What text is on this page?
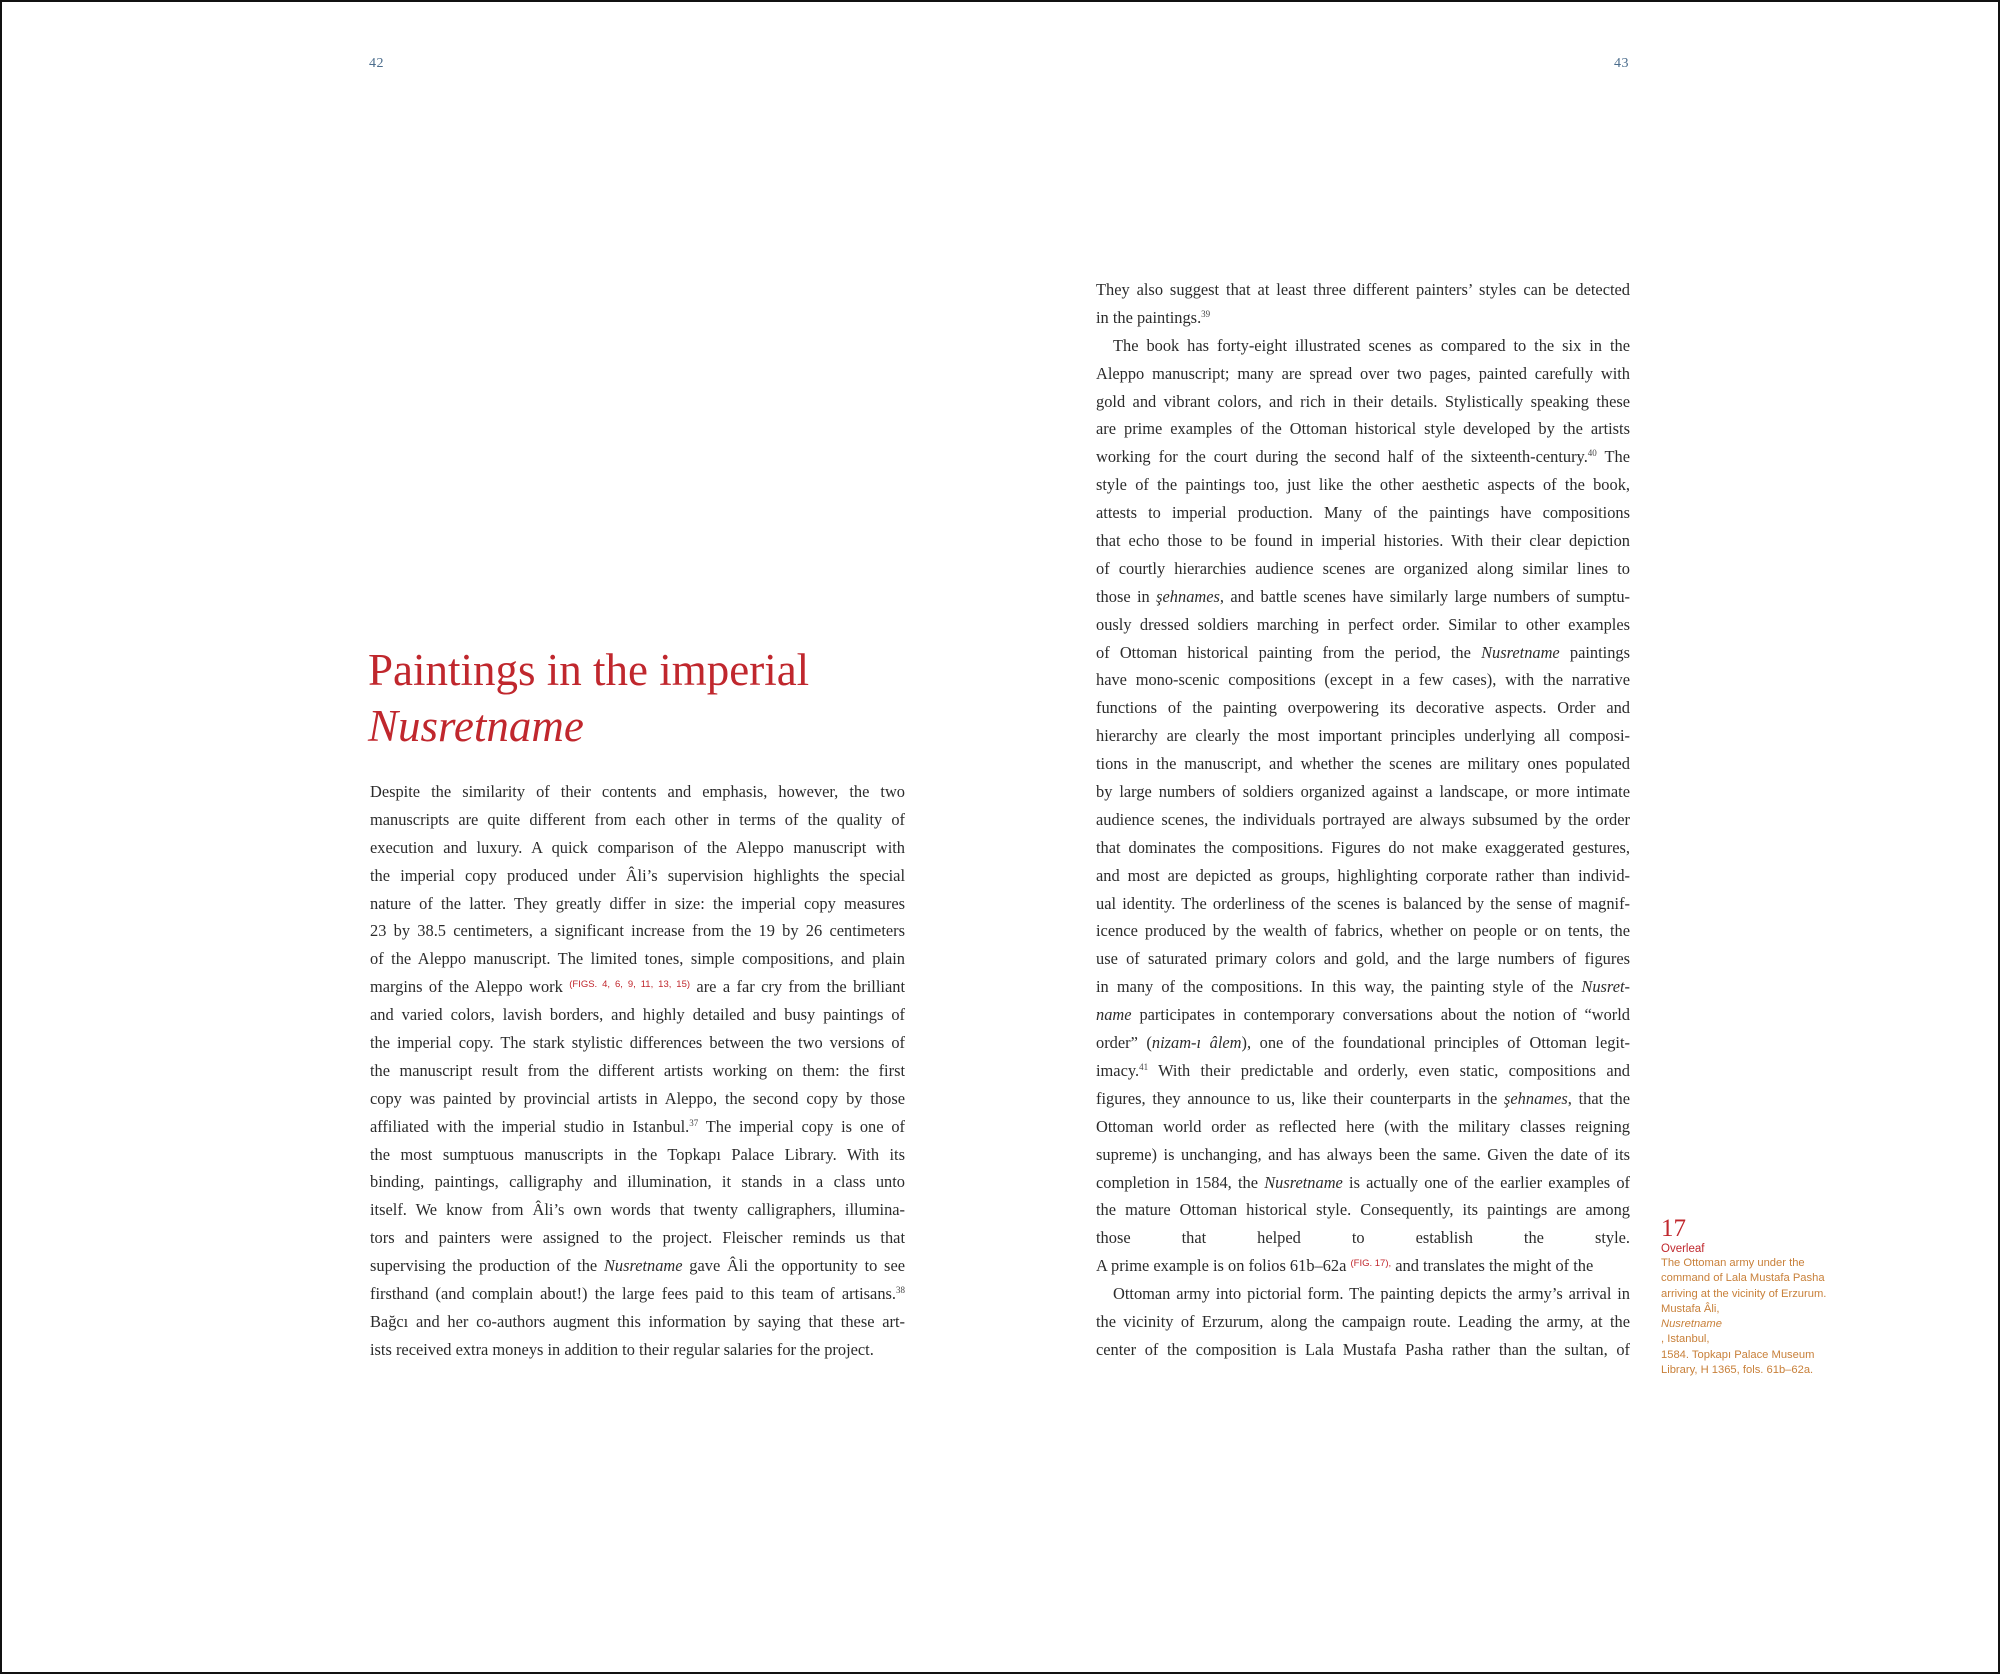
42	43
Paintings in the imperial
Nusretname
Despite the similarity of their contents and emphasis, however, the two
manuscripts are quite different from each other in terms of the quality of
execution and luxury. A quick comparison of the Aleppo manuscript with
the imperial copy produced under Âli’s supervision highlights the special
nature of the latter. They greatly differ in size: the imperial copy measures
23 by 38.5 centimeters, a significant increase from the 19 by 26 centimeters
of the Aleppo manuscript. The limited tones, simple compositions, and plain
margins of the Aleppo work $^{(FIGS. 4, 6, 9, 11, 13, 15)}$ are a far cry from the brilliant
and varied colors, lavish borders, and highly detailed and busy paintings of
the imperial copy. The stark stylistic differences between the two versions of
the manuscript result from the different artists working on them: the first
copy was painted by provincial artists in Aleppo, the second copy by those
affiliated with the imperial studio in Istanbul.$^{37}$ The imperial copy is one of
the most sumptuous manuscripts in the Topkapı Palace Library. With its
binding, paintings, calligraphy and illumination, it stands in a class unto
itself. We know from Âli’s own words that twenty calligraphers, illumina-
tors and painters were assigned to the project. Fleischer reminds us that
supervising the production of the Nusretname gave Âli the opportunity to see
firsthand (and complain about!) the large fees paid to this team of artisans.$^{38}$
Bağcı and her co-authors augment this information by saying that these art-
ists received extra moneys in addition to their regular salaries for the project.
They also suggest that at least three different painters’ styles can be detected
in the paintings.$^{39}$
The book has forty-eight illustrated scenes as compared to the six in the
Aleppo manuscript; many are spread over two pages, painted carefully with
gold and vibrant colors, and rich in their details. Stylistically speaking these
are prime examples of the Ottoman historical style developed by the artists
working for the court during the second half of the sixteenth-century.$^{40}$ The
style of the paintings too, just like the other aesthetic aspects of the book,
attests to imperial production. Many of the paintings have compositions
that echo those to be found in imperial histories. With their clear depiction
of courtly hierarchies audience scenes are organized along similar lines to
those in şehnames, and battle scenes have similarly large numbers of sumptu-
ously dressed soldiers marching in perfect order. Similar to other examples
of Ottoman historical painting from the period, the Nusretname paintings
have mono-scenic compositions (except in a few cases), with the narrative
functions of the painting overpowering its decorative aspects. Order and
hierarchy are clearly the most important principles underlying all composi-
tions in the manuscript, and whether the scenes are military ones populated
by large numbers of soldiers organized against a landscape, or more intimate
audience scenes, the individuals portrayed are always subsumed by the order
that dominates the compositions. Figures do not make exaggerated gestures,
and most are depicted as groups, highlighting corporate rather than individ-
ual identity. The orderliness of the scenes is balanced by the sense of magnif-
icence produced by the wealth of fabrics, whether on people or on tents, the
use of saturated primary colors and gold, and the large numbers of figures
in many of the compositions. In this way, the painting style of the Nusret-
name participates in contemporary conversations about the notion of “world
order” (nizam-ı âlem), one of the foundational principles of Ottoman legit-
imacy.$^{41}$ With their predictable and orderly, even static, compositions and
figures, they announce to us, like their counterparts in the şehnames, that the
Ottoman world order as reflected here (with the military classes reigning
supreme) is unchanging, and has always been the same. Given the date of its
completion in 1584, the Nusretname is actually one of the earlier examples of
the mature Ottoman historical style. Consequently, its paintings are among
those that helped to establish the style.
A prime example is on folios 61b–62a $^{(FIG. 17),}$ and translates the might of the
Ottoman army into pictorial form. The painting depicts the army’s arrival in
the vicinity of Erzurum, along the campaign route. Leading the army, at the
center of the composition is Lala Mustafa Pasha rather than the sultan, of
17
Overleaf
The Ottoman army under the
command of Lala Mustafa Pasha
arriving at the vicinity of Erzurum.
Mustafa Âli,
Nusretname
, Istanbul,
1584. Topkapı Palace Museum
Library, H 1365, fols. 61b–62a.
